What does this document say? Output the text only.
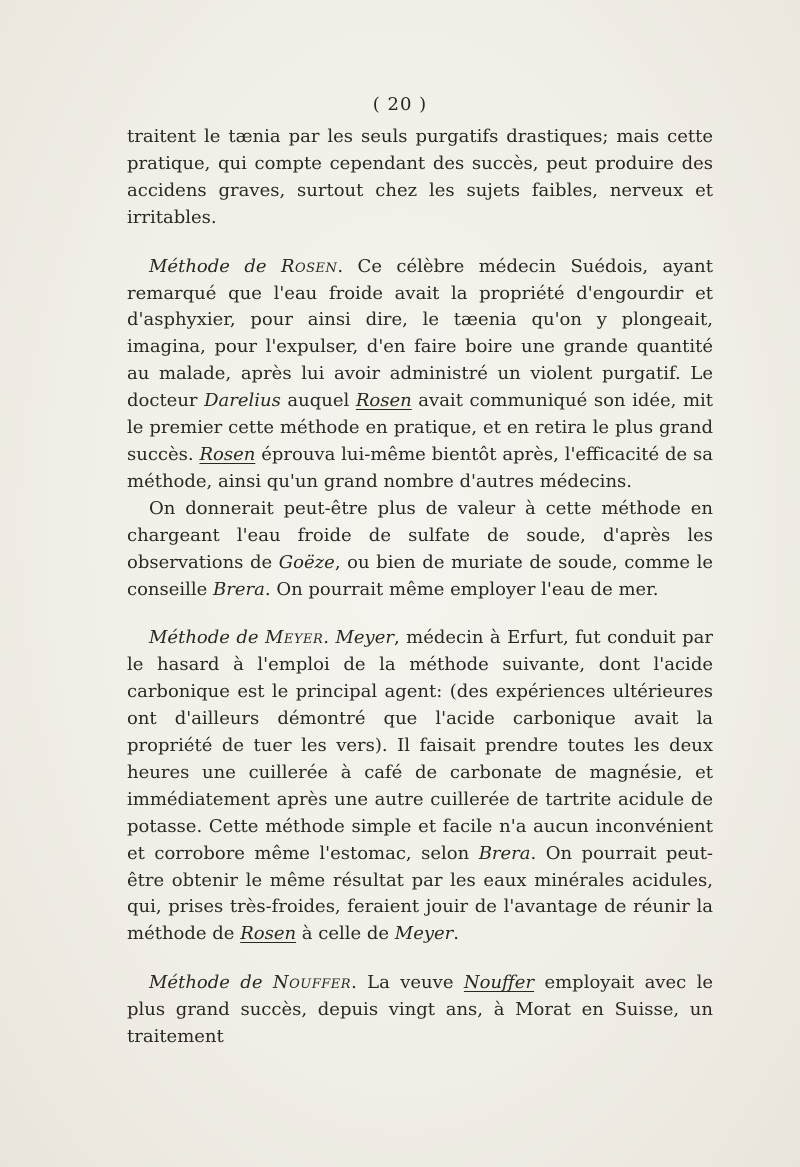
( 20 )

traitent le tænia par les seuls purgatifs drastiques; mais cette pratique, qui compte cependant des succès, peut produire des accidens graves, surtout chez les sujets faibles, nerveux et irritables.

Méthode de Rosen. Ce célèbre médecin Suédois, ayant remarqué que l'eau froide avait la propriété d'engourdir et d'asphyxier, pour ainsi dire, le tæenia qu'on y plongeait, imagina, pour l'expulser, d'en faire boire une grande quantité au malade, après lui avoir administré un violent purgatif. Le docteur Darelius auquel Rosen avait communiqué son idée, mit le premier cette méthode en pratique, et en retira le plus grand succès. Rosen éprouva lui-même bientôt après, l'efficacité de sa méthode, ainsi qu'un grand nombre d'autres médecins.

On donnerait peut-être plus de valeur à cette méthode en chargeant l'eau froide de sulfate de soude, d'après les observations de Goëze, ou bien de muriate de soude, comme le conseille Brera. On pourrait même employer l'eau de mer.

Méthode de Meyer. Meyer, médecin à Erfurt, fut conduit par le hasard à l'emploi de la méthode suivante, dont l'acide carbonique est le principal agent: (des expériences ultérieures ont d'ailleurs démontré que l'acide carbonique avait la propriété de tuer les vers). Il faisait prendre toutes les deux heures une cuillerée à café de carbonate de magnésie, et immédiatement après une autre cuillerée de tartrite acidule de potasse. Cette méthode simple et facile n'a aucun inconvénient et corrobore même l'estomac, selon Brera. On pourrait peut-être obtenir le même résultat par les eaux minérales acidules, qui, prises très-froides, feraient jouir de l'avantage de réunir la méthode de Rosen à celle de Meyer.

Méthode de Nouffer. La veuve Nouffer employait avec le plus grand succès, depuis vingt ans, à Morat en Suisse, un traitement
